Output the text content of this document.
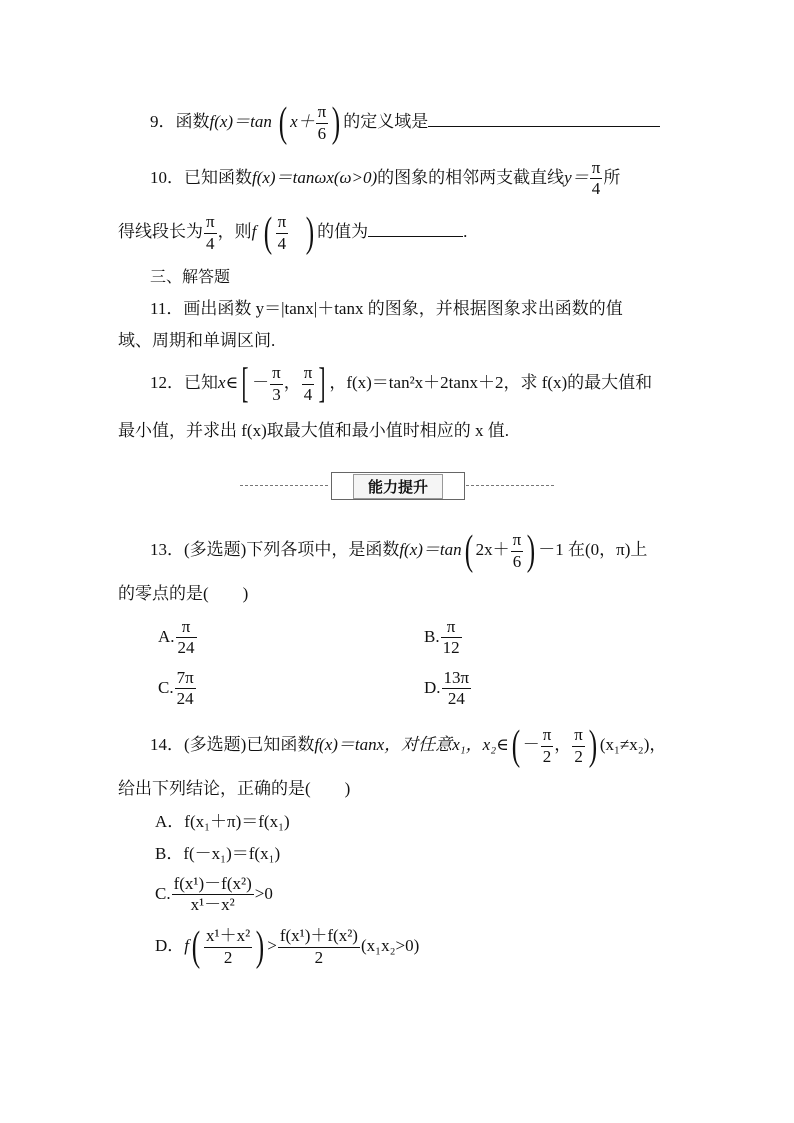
9．函数f(x)＝tan ( $x+ \frac{\pi}{6}$ ) 的定义域是
10．已知函数f(x)＝tanωx(ω>0)的图象的相邻两支截直线$y= \frac{\pi}{4}$ 所
得线段长为 $\frac{\pi}{4}$ ，则f ( $\frac{\pi}{4}$ ) 的值为	.
三、解答题
11．画出函数 y＝|tanx|＋tanx 的图象，并根据图象求出函数的值
域、周期和单调区间.
12．已知x∈[ － $\frac{\pi}{3}$ ， $\frac{\pi}{4}$ ] ，f(x)＝tan²x＋2tanx＋2，求 f(x)的最大值和
最小值，并求出 f(x)取最大值和最小值时相应的 x 值.
能力提升
13．(多选题)下列各项中，是函数f(x)＝tan( $2x+ \frac{\pi}{6}$ ) －1 在(0，π)上
的零点的是(　　)
A. $\frac{\pi}{24}$	B. $\frac{\pi}{12}$
C. $\frac{7\pi}{24}$	D. $\frac{13\pi}{24}$
14．(多选题)已知函数f(x)＝tanx，对任意x₁，x₂∈( － $\frac{\pi}{2}$ ， $\frac{\pi}{2}$ ) (x₁≠x₂)，
给出下列结论，正确的是(　　)
A．f(x₁＋π)＝f(x₁)
B．f(－x₁)＝f(x₁)
C. $\frac{\text{f(x¹)－f(x²)}}{\text{x¹－x²}} >0$
D．$f( \frac{\text{x¹＋x²}}{2}$ ) > $\frac{\text{f(x¹)＋f(x²)}}{2} (x_1x_2>0)$
